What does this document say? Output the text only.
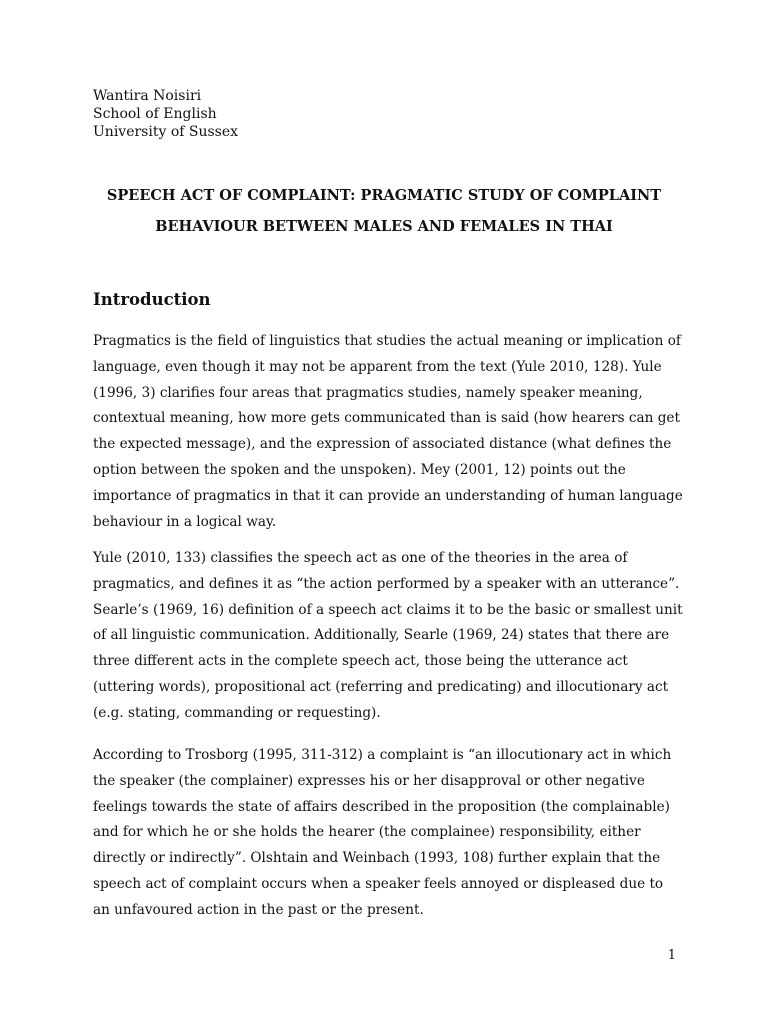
Wantira Noisiri
School of English
University of Sussex
SPEECH ACT OF COMPLAINT: PRAGMATIC STUDY OF COMPLAINT
BEHAVIOUR BETWEEN MALES AND FEMALES IN THAI
Introduction
Pragmatics is the field of linguistics that studies the actual meaning or implication of language, even though it may not be apparent from the text (Yule 2010, 128). Yule (1996, 3) clarifies four areas that pragmatics studies, namely speaker meaning, contextual meaning, how more gets communicated than is said (how hearers can get the expected message), and the expression of associated distance (what defines the option between the spoken and the unspoken). Mey (2001, 12) points out the importance of pragmatics in that it can provide an understanding of human language behaviour in a logical way.
Yule (2010, 133) classifies the speech act as one of the theories in the area of pragmatics, and defines it as “the action performed by a speaker with an utterance”. Searle’s (1969, 16) definition of a speech act claims it to be the basic or smallest unit of all linguistic communication. Additionally, Searle (1969, 24) states that there are three different acts in the complete speech act, those being the utterance act (uttering words), propositional act (referring and predicating) and illocutionary act (e.g. stating, commanding or requesting).
According to Trosborg (1995, 311-312) a complaint is “an illocutionary act in which the speaker (the complainer) expresses his or her disapproval or other negative feelings towards the state of affairs described in the proposition (the complainable) and for which he or she holds the hearer (the complainee) responsibility, either directly or indirectly”. Olshtain and Weinbach (1993, 108) further explain that the speech act of complaint occurs when a speaker feels annoyed or displeased due to an unfavoured action in the past or the present.
1
